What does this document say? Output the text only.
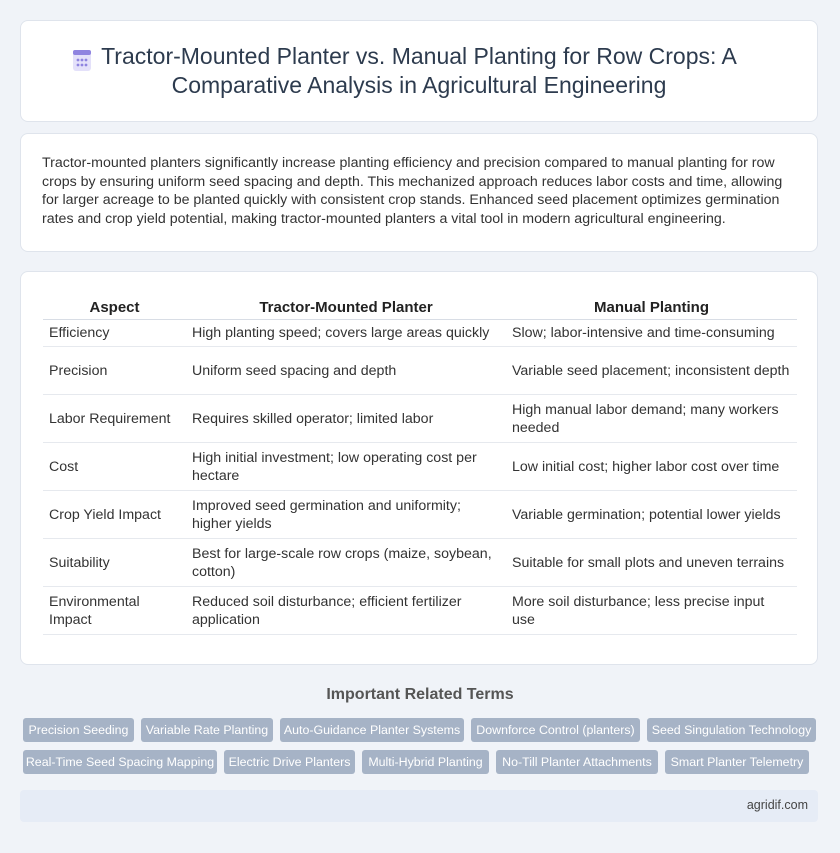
Tractor-Mounted Planter vs. Manual Planting for Row Crops: A Comparative Analysis in Agricultural Engineering

Tractor-mounted planters significantly increase planting efficiency and precision compared to manual planting for row crops by ensuring uniform seed spacing and depth. This mechanized approach reduces labor costs and time, allowing for larger acreage to be planted quickly with consistent crop stands. Enhanced seed placement optimizes germination rates and crop yield potential, making tractor-mounted planters a vital tool in modern agricultural engineering.

Aspect	Tractor-Mounted Planter	Manual Planting
Efficiency	High planting speed; covers large areas quickly	Slow; labor-intensive and time-consuming
Precision	Uniform seed spacing and depth	Variable seed placement; inconsistent depth
Labor Requirement	Requires skilled operator; limited labor	High manual labor demand; many workers needed
Cost	High initial investment; low operating cost per hectare	Low initial cost; higher labor cost over time
Crop Yield Impact	Improved seed germination and uniformity; higher yields	Variable germination; potential lower yields
Suitability	Best for large-scale row crops (maize, soybean, cotton)	Suitable for small plots and uneven terrains
Environmental Impact	Reduced soil disturbance; efficient fertilizer application	More soil disturbance; less precise input use
Important Related Terms
Precision Seeding	Variable Rate Planting	Auto-Guidance Planter Systems	Downforce Control (planters)	Seed Singulation Technology
Real-Time Seed Spacing Mapping	Electric Drive Planters	Multi-Hybrid Planting	No-Till Planter Attachments	Smart Planter Telemetry
agridif.com
